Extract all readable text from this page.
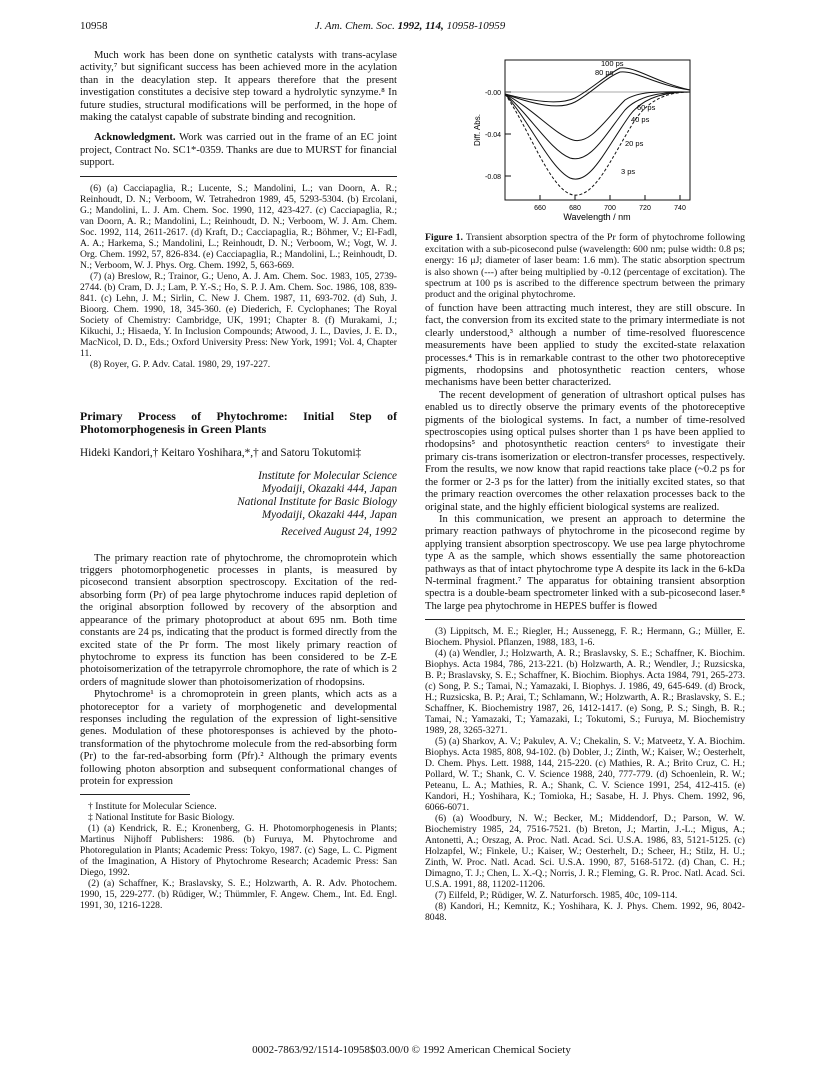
10958	J. Am. Chem. Soc. 1992, 114, 10958-10959

Much work has been done on synthetic catalysts with trans-acylase activity,⁷ but significant success has been achieved more in the acylation than in the deacylation step. It appears therefore that the present investigation constitutes a decisive step toward a hydrolytic synzyme.⁸ In future studies, structural modifications will be performed, in the hope of making the catalyst capable of substrate binding and recognition.

Acknowledgment. Work was carried out in the frame of an EC joint project, Contract No. SC1*-0359. Thanks are due to MURST for financial support.

(6) (a) Cacciapaglia, R.; Lucente, S.; Mandolini, L.; van Doorn, A. R.; Reinhoudt, D. N.; Verboom, W. Tetrahedron 1989, 45, 5293-5304. (b) Ercolani, G.; Mandolini, L. J. Am. Chem. Soc. 1990, 112, 423-427. (c) Cacciapaglia, R.; van Doorn, A. R.; Mandolini, L.; Reinhoudt, D. N.; Verboom, W. J. Am. Chem. Soc. 1992, 114, 2611-2617. (d) Kraft, D.; Cacciapaglia, R.; Böhmer, V.; El-Fadl, A. A.; Harkema, S.; Mandolini, L.; Reinhoudt, D. N.; Verboom, W.; Vogt, W. J. Org. Chem. 1992, 57, 826-834. (e) Cacciapaglia, R.; Mandolini, L.; Reinhoudt, D. N.; Verboom, W. J. Phys. Org. Chem. 1992, 5, 663-669.

(7) (a) Breslow, R.; Trainor, G.; Ueno, A. J. Am. Chem. Soc. 1983, 105, 2739-2744. (b) Cram, D. J.; Lam, P. Y.-S.; Ho, S. P. J. Am. Chem. Soc. 1986, 108, 839-841. (c) Lehn, J. M.; Sirlin, C. New J. Chem. 1987, 11, 693-702. (d) Suh, J. Bioorg. Chem. 1990, 18, 345-360. (e) Diederich, F. Cyclophanes; The Royal Society of Chemistry: Cambridge, UK, 1991; Chapter 8. (f) Murakami, J.; Kikuchi, J.; Hisaeda, Y. In Inclusion Compounds; Atwood, J. L., Davies, J. E. D., MacNicol, D. D., Eds.; Oxford University Press: New York, 1991; Vol. 4, Chapter 11.

(8) Royer, G. P. Adv. Catal. 1980, 29, 197-227.

Primary Process of Phytochrome: Initial Step of Photomorphogenesis in Green Plants

Hideki Kandori,† Keitaro Yoshihara,*,† and Satoru Tokutomi‡

Institute for Molecular Science
Myodaiji, Okazaki 444, Japan
National Institute for Basic Biology
Myodaiji, Okazaki 444, Japan
Received August 24, 1992

The primary reaction rate of phytochrome, the chromoprotein which triggers photomorphogenetic processes in plants, is measured by picosecond transient absorption spectroscopy. Excitation of the red-absorbing form (Pr) of pea large phytochrome induces rapid depletion of the original absorption followed by recovery of the absorption and appearance of the primary photoproduct at about 695 nm. Both time constants are 24 ps, indicating that the product is formed directly from the excited state of the Pr form. The most likely primary reaction of phytochrome to express its function has been considered to be Z-E photoisomerization of the tetrapyrrole chromophore, the rate of which is 2 orders of magnitude slower than photoisomerization of rhodopsins.

Phytochrome¹ is a chromoprotein in green plants, which acts as a photoreceptor for a variety of morphogenetic and developmental responses including the regulation of the expression of light-sensitive genes. Modulation of these photoresponses is achieved by the photo-transformation of the phytochrome molecule from the red-absorbing form (Pr) to the far-red-absorbing form (Pfr).² Although the primary events following photon absorption and subsequent conformational changes of protein for expression

† Institute for Molecular Science.

‡ National Institute for Basic Biology.

(1) (a) Kendrick, R. E.; Kronenberg, G. H. Photomorphogenesis in Plants; Martinus Nijhoff Publishers: 1986. (b) Furuya, M. Phytochrome and Photoregulation in Plants; Academic Press: Tokyo, 1987. (c) Sage, L. C. Pigment of the Imagination, A History of Phytochrome Research; Academic Press: San Diego, 1992.

(2) (a) Schaffner, K.; Braslavsky, S. E.; Holzwarth, A. R. Adv. Photochem. 1990, 15, 229-277. (b) Rüdiger, W.; Thümmler, F. Angew. Chem., Int. Ed. Engl. 1991, 30, 1216-1228.

-0.00
-0.04
-0.08
Diff. Abs.
660	680	700	720	740
Wavelength / nm
100 ps
80 ps
60 ps
40 ps
20 ps
3 ps

Figure 1. Transient absorption spectra of the Pr form of phytochrome following excitation with a sub-picosecond pulse (wavelength: 600 nm; pulse width: 0.8 ps; energy: 16 μJ; diameter of laser beam: 1.6 mm). The static absorption spectrum is also shown (---) after being multiplied by -0.12 (percentage of excitation). The spectrum at 100 ps is ascribed to the difference spectrum between the primary product and the original phytochrome.

of function have been attracting much interest, they are still obscure. In fact, the conversion from its excited state to the primary intermediate is not clearly understood,³ although a number of time-resolved fluorescence measurements have been applied to study the excited-state relaxation processes.⁴ This is in remarkable contrast to the other two photoreceptive pigments, rhodopsins and photosynthetic reaction centers, whose mechanisms have been better characterized.

The recent development of generation of ultrashort optical pulses has enabled us to directly observe the primary events of the photoreceptive pigments of the biological systems. In fact, a number of time-resolved spectroscopies using optical pulses shorter than 1 ps have been applied to rhodopsins⁵ and photosynthetic reaction centers⁶ to investigate their primary cis-trans isomerization or electron-transfer processes, respectively. From the results, we now know that rapid reactions take place (~0.2 ps for the former or 2-3 ps for the latter) from the initially excited states, so that the primary reaction overcomes the other relaxation processes back to the original state, and the highly efficient biological systems are realized.

In this communication, we present an approach to determine the primary reaction pathways of phytochrome in the picosecond regime by applying transient absorption spectroscopy. We use pea large phytochrome type A as the sample, which shows essentially the same photoreaction pathways as that of intact phytochrome type A despite its lack in the 6-kDa N-terminal fragment.⁷ The apparatus for obtaining transient absorption spectra is a double-beam spectrometer linked with a sub-picosecond laser.⁸ The large pea phytochrome in HEPES buffer is flowed

(3) Lippitsch, M. E.; Riegler, H.; Aussenegg, F. R.; Hermann, G.; Müller, E. Biochem. Physiol. Pflanzen, 1988, 183, 1-6.

(4) (a) Wendler, J.; Holzwarth, A. R.; Braslavsky, S. E.; Schaffner, K. Biochim. Biophys. Acta 1984, 786, 213-221. (b) Holzwarth, A. R.; Wendler, J.; Ruzsicska, B. P.; Braslavsky, S. E.; Schaffner, K. Biochim. Biophys. Acta 1984, 791, 265-273. (c) Song, P. S.; Tamai, N.; Yamazaki, I. Biophys. J. 1986, 49, 645-649. (d) Brock, H.; Ruzsicska, B. P.; Arai, T.; Schlamann, W.; Holzwarth, A. R.; Braslavsky, S. E.; Schaffner, K. Biochemistry 1987, 26, 1412-1417. (e) Song, P. S.; Singh, B. R.; Tamai, N.; Yamazaki, T.; Yamazaki, I.; Tokutomi, S.; Furuya, M. Biochemistry 1989, 28, 3265-3271.

(5) (a) Sharkov, A. V.; Pakulev, A. V.; Chekalin, S. V.; Matveetz, Y. A. Biochim. Biophys. Acta 1985, 808, 94-102. (b) Dobler, J.; Zinth, W.; Kaiser, W.; Oesterhelt, D. Chem. Phys. Lett. 1988, 144, 215-220. (c) Mathies, R. A.; Brito Cruz, C. H.; Pollard, W. T.; Shank, C. V. Science 1988, 240, 777-779. (d) Schoenlein, R. W.; Peteanu, L. A.; Mathies, R. A.; Shank, C. V. Science 1991, 254, 412-415. (e) Kandori, H.; Yoshihara, K.; Tomioka, H.; Sasabe, H. J. Phys. Chem. 1992, 96, 6066-6071.

(6) (a) Woodbury, N. W.; Becker, M.; Middendorf, D.; Parson, W. W. Biochemistry 1985, 24, 7516-7521. (b) Breton, J.; Martin, J.-L.; Migus, A.; Antonetti, A.; Orszag, A. Proc. Natl. Acad. Sci. U.S.A. 1986, 83, 5121-5125. (c) Holzapfel, W.; Finkele, U.; Kaiser, W.; Oesterhelt, D.; Scheer, H.; Stilz, H. U.; Zinth, W. Proc. Natl. Acad. Sci. U.S.A. 1990, 87, 5168-5172. (d) Chan, C. H.; Dimagno, T. J.; Chen, L. X.-Q.; Norris, J. R.; Fleming, G. R. Proc. Natl. Acad. Sci. U.S.A. 1991, 88, 11202-11206.

(7) Eilfeld, P.; Rüdiger, W. Z. Naturforsch. 1985, 40c, 109-114.

(8) Kandori, H.; Kemnitz, K.; Yoshihara, K. J. Phys. Chem. 1992, 96, 8042-8048.

0002-7863/92/1514-10958$03.00/0 © 1992 American Chemical Society
